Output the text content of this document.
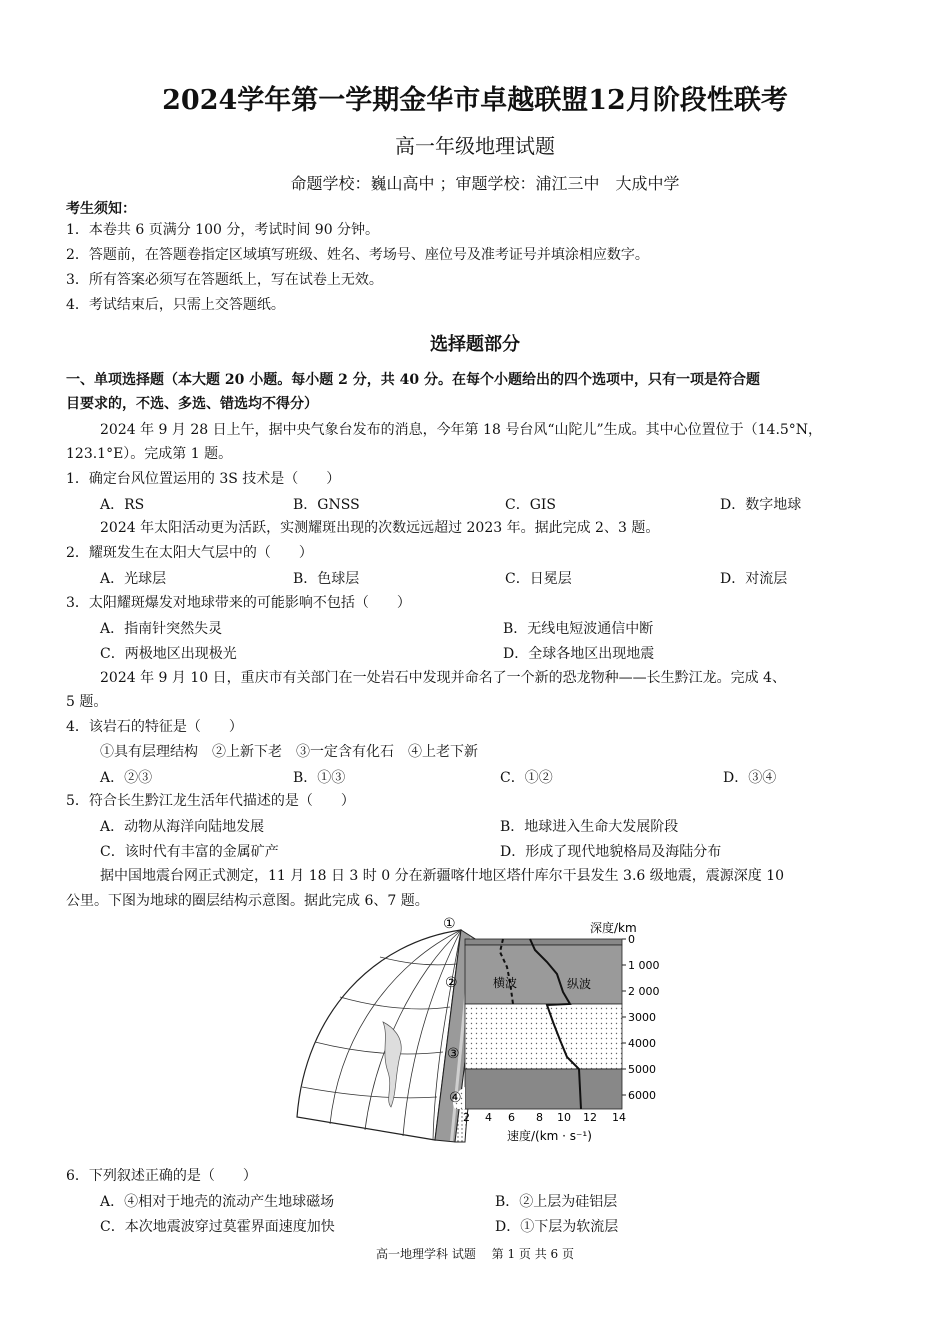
2024学年第一学期金华市卓越联盟12月阶段性联考
高一年级地理试题
命题学校：巍山高中 ；审题学校：浦江三中　大成中学
考生须知：
1．本卷共 6 页满分 100 分，考试时间 90 分钟。
2．答题前，在答题卷指定区域填写班级、姓名、考场号、座位号及准考证号并填涂相应数字。
3．所有答案必须写在答题纸上，写在试卷上无效。
4．考试结束后，只需上交答题纸。
选择题部分
一、单项选择题（本大题 20 小题。每小题 2 分，共 40 分。在每个小题给出的四个选项中，只有一项是符合题
目要求的，不选、多选、错选均不得分）
2024 年 9 月 28 日上午，据中央气象台发布的消息，今年第 18 号台风“山陀儿”生成。其中心位置位于（14.5°N，
123.1°E）。完成第 1 题。
1．确定台风位置运用的 3S 技术是（　　）
A．RS	B．GNSS	C．GIS	D．数字地球
2024 年太阳活动更为活跃，实测耀斑出现的次数远远超过 2023 年。据此完成 2、3 题。
2．耀斑发生在太阳大气层中的（　　）
A．光球层	B．色球层	C．日冕层	D．对流层
3．太阳耀斑爆发对地球带来的可能影响不包括（　　）
A．指南针突然失灵	B．无线电短波通信中断
C．两极地区出现极光	D．全球各地区出现地震
2024 年 9 月 10 日，重庆市有关部门在一处岩石中发现并命名了一个新的恐龙物种——长生黔江龙。完成 4、
5 题。
4．该岩石的特征是（　　）
①具有层理结构　②上新下老　③一定含有化石　④上老下新
A．②③	B．①③	C．①②	D．③④
5．符合长生黔江龙生活年代描述的是（　　）
A．动物从海洋向陆地发展	B．地球进入生命大发展阶段
C．该时代有丰富的金属矿产	D．形成了现代地貌格局及海陆分布
据中国地震台网正式测定，11 月 18 日 3 时 0 分在新疆喀什地区塔什库尔干县发生 3.6 级地震，震源深度 10
公里。下图为地球的圈层结构示意图。据此完成 6、7 题。
深度/km
0
1 000
2 000
3000
4000
5000
6000
2 4 6 8 10 12 14
速度/(km · s⁻¹)
横波	纵波
①
②
③
④
6．下列叙述正确的是（　　）
A．④相对于地壳的流动产生地球磁场	B．②上层为硅铝层
C．本次地震波穿过莫霍界面速度加快	D．①下层为软流层
高一地理学科 试题　 第 1 页 共 6 页
